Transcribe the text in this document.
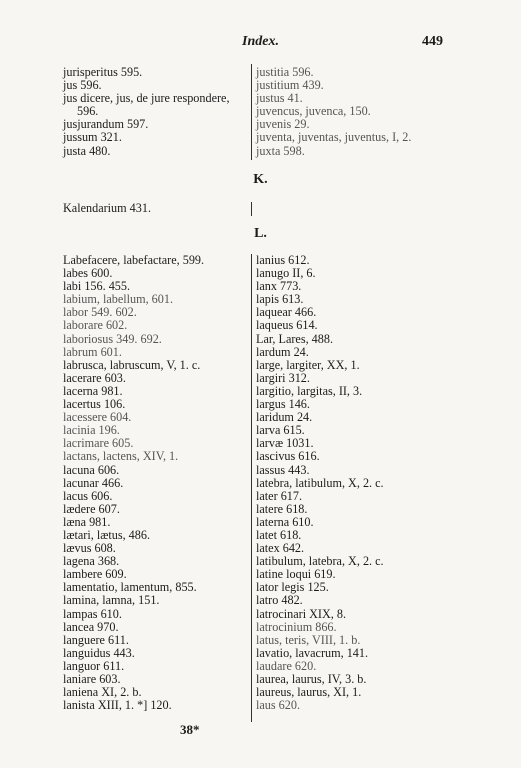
Index.	449
jurisperitus 595.
jus 596.
jus dicere, jus, de jure respondere,
596.
jusjurandum 597.
jussum 321.
justa 480.
justitia 596.
justitium 439.
justus 41.
juvencus, juvenca, 150.
juvenis 29.
juventa, juventas, juventus, I, 2.
juxta 598.
K.
Kalendarium 431.
L.
Labefacere, labefactare, 599.
labes 600.
labi 156. 455.
labium, labellum, 601.
labor 549. 602.
laborare 602.
laboriosus 349. 692.
labrum 601.
labrusca, labruscum, V, 1. c.
lacerare 603.
lacerna 981.
lacertus 106.
lacessere 604.
lacinia 196.
lacrimare 605.
lactans, lactens, XIV, 1.
lacuna 606.
lacunar 466.
lacus 606.
lædere 607.
læna 981.
lætari, lætus, 486.
lævus 608.
lagena 368.
lambere 609.
lamentatio, lamentum, 855.
lamina, lamna, 151.
lampas 610.
lancea 970.
languere 611.
languidus 443.
languor 611.
laniare 603.
laniena XI, 2. b.
lanista XIII, 1. *] 120.
lanius 612.
lanugo II, 6.
lanx 773.
lapis 613.
laquear 466.
laqueus 614.
Lar, Lares, 488.
lardum 24.
large, largiter, XX, 1.
largiri 312.
largitio, largitas, II, 3.
largus 146.
laridum 24.
larva 615.
larvæ 1031.
lascivus 616.
lassus 443.
latebra, latibulum, X, 2. c.
later 617.
latere 618.
laterna 610.
latet 618.
latex 642.
latibulum, latebra, X, 2. c.
latine loqui 619.
lator legis 125.
latro 482.
latrocinari XIX, 8.
latrocinium 866.
latus, teris, VIII, 1. b.
lavatio, lavacrum, 141.
laudare 620.
laurea, laurus, IV, 3. b.
laureus, laurus, XI, 1.
laus 620.
38*
